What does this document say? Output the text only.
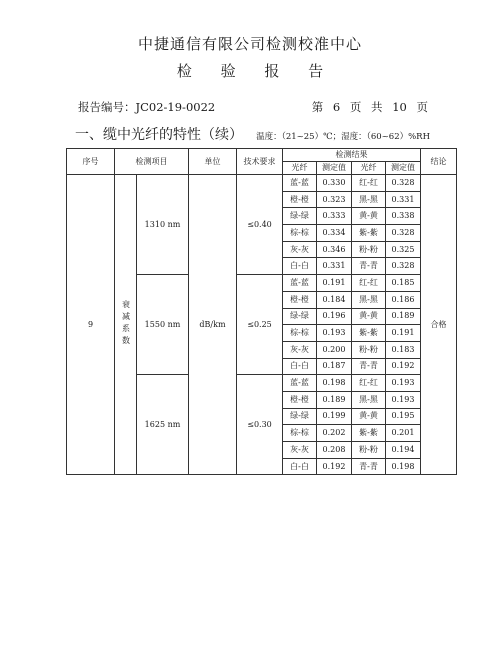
中捷通信有限公司检测校准中心
检 验 报 告
报告编号：JC02-19-0022	第 6 页 共 10 页
一、缆中光纤的特性（续） 温度：（21~25）℃；湿度：（60~62）%RH
序号	检测项目		单位	技术要求	检测结果				结论
					光纤	测定值	光纤	测定值	
9	衰减系数	1310 nm	dB/km	≤0.40	蓝-蓝	0.330	红-红	0.328	合格
					橙-橙	0.323	黑-黑	0.331	
					绿-绿	0.333	黄-黄	0.338	
					棕-棕	0.334	紫-紫	0.328	
					灰-灰	0.346	粉-粉	0.325	
					白-白	0.331	青-青	0.328	
		1550 nm		≤0.25	蓝-蓝	0.191	红-红	0.185	
					橙-橙	0.184	黑-黑	0.186	
					绿-绿	0.196	黄-黄	0.189	
					棕-棕	0.193	紫-紫	0.191	
					灰-灰	0.200	粉-粉	0.183	
					白-白	0.187	青-青	0.192	
		1625 nm		≤0.30	蓝-蓝	0.198	红-红	0.193	
					橙-橙	0.189	黑-黑	0.193	
					绿-绿	0.199	黄-黄	0.195	
					棕-棕	0.202	紫-紫	0.201	
					灰-灰	0.208	粉-粉	0.194	
					白-白	0.192	青-青	0.198	
